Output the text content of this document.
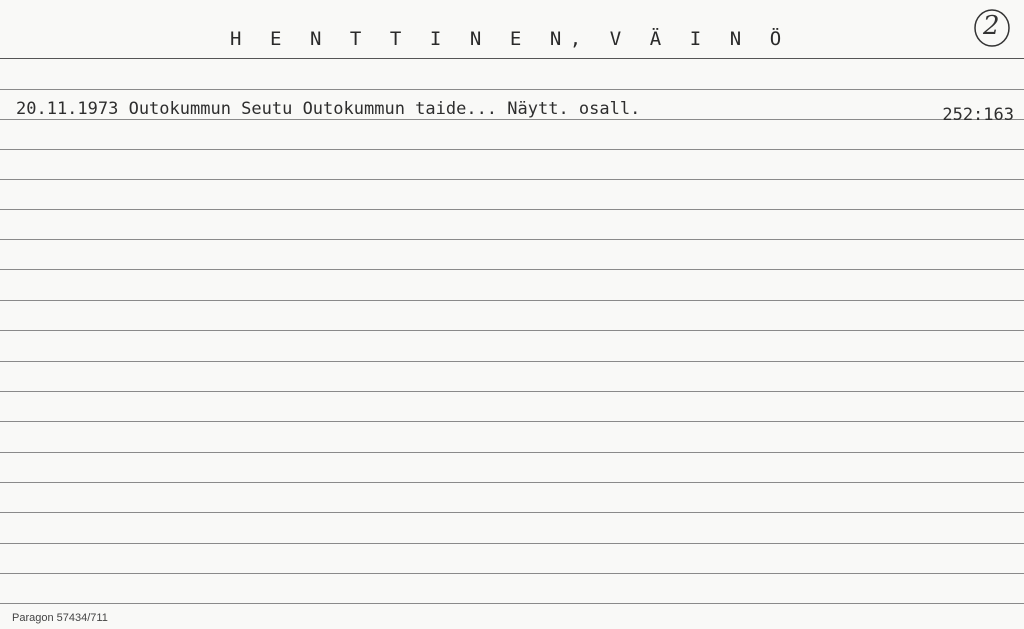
H E N T T I N E N, V Ä I N Ö	2
20.11.1973 Outokummun Seutu Outokummun taide... Näytt. osall.	252:163
Paragon 57434/711
